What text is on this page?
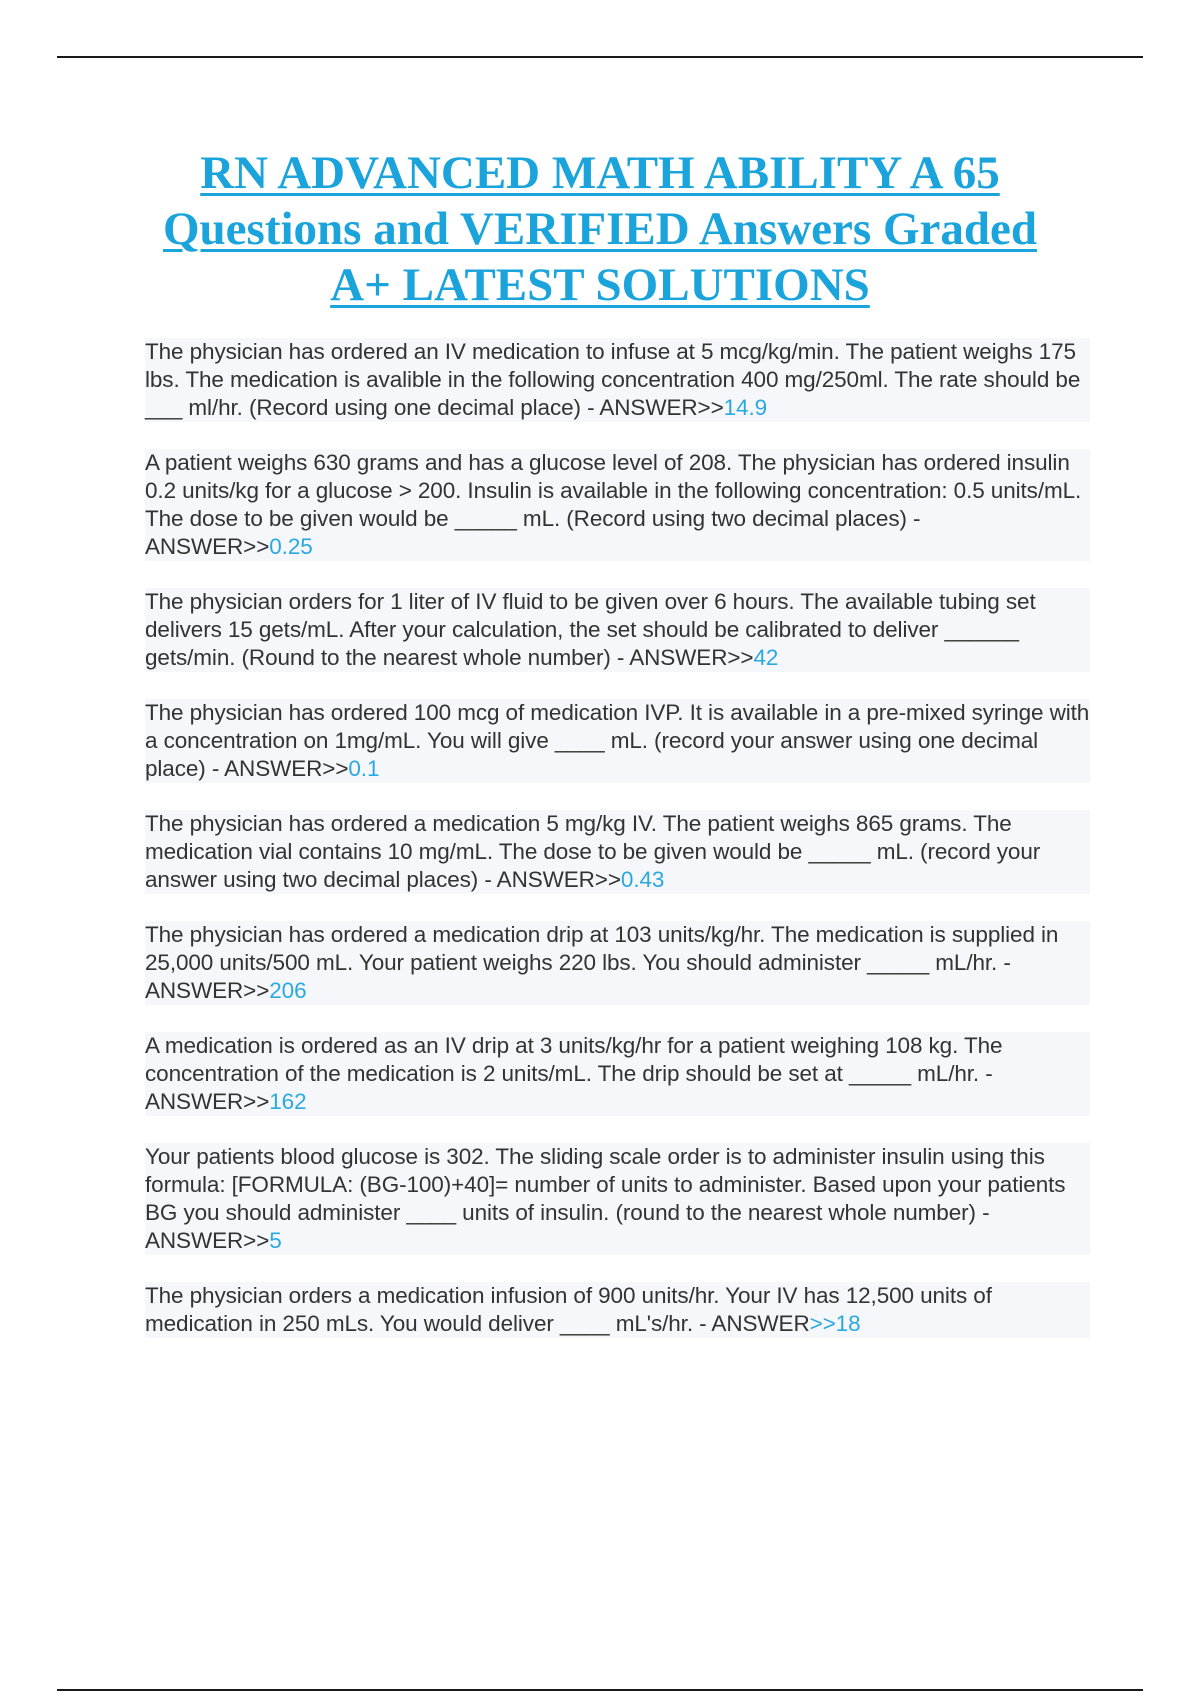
RN ADVANCED MATH ABILITY A 65
Questions and VERIFIED Answers Graded
A+ LATEST SOLUTIONS

The physician has ordered an IV medication to infuse at 5 mcg/kg/min. The patient weighs 175 lbs. The medication is avalible in the following concentration 400 mg/250ml. The rate should be ___ ml/hr. (Record using one decimal place) - ANSWER>>14.9

A patient weighs 630 grams and has a glucose level of 208. The physician has ordered insulin 0.2 units/kg for a glucose > 200. Insulin is available in the following concentration: 0.5 units/mL. The dose to be given would be _____ mL. (Record using two decimal places) - ANSWER>>0.25

The physician orders for 1 liter of IV fluid to be given over 6 hours. The available tubing set delivers 15 gets/mL. After your calculation, the set should be calibrated to deliver ______ gets/min. (Round to the nearest whole number) - ANSWER>>42

The physician has ordered 100 mcg of medication IVP. It is available in a pre-mixed syringe with a concentration on 1mg/mL. You will give ____ mL. (record your answer using one decimal place) - ANSWER>>0.1

The physician has ordered a medication 5 mg/kg IV. The patient weighs 865 grams. The medication vial contains 10 mg/mL. The dose to be given would be _____ mL. (record your answer using two decimal places) - ANSWER>>0.43

The physician has ordered a medication drip at 103 units/kg/hr. The medication is supplied in 25,000 units/500 mL. Your patient weighs 220 lbs. You should administer _____ mL/hr. - ANSWER>>206

A medication is ordered as an IV drip at 3 units/kg/hr for a patient weighing 108 kg. The concentration of the medication is 2 units/mL. The drip should be set at _____ mL/hr. - ANSWER>>162

Your patients blood glucose is 302. The sliding scale order is to administer insulin using this formula: [FORMULA: (BG-100)+40]= number of units to administer. Based upon your patients BG you should administer ____ units of insulin. (round to the nearest whole number) - ANSWER>>5

The physician orders a medication infusion of 900 units/hr. Your IV has 12,500 units of medication in 250 mLs. You would deliver ____ mL's/hr. - ANSWER>>18
